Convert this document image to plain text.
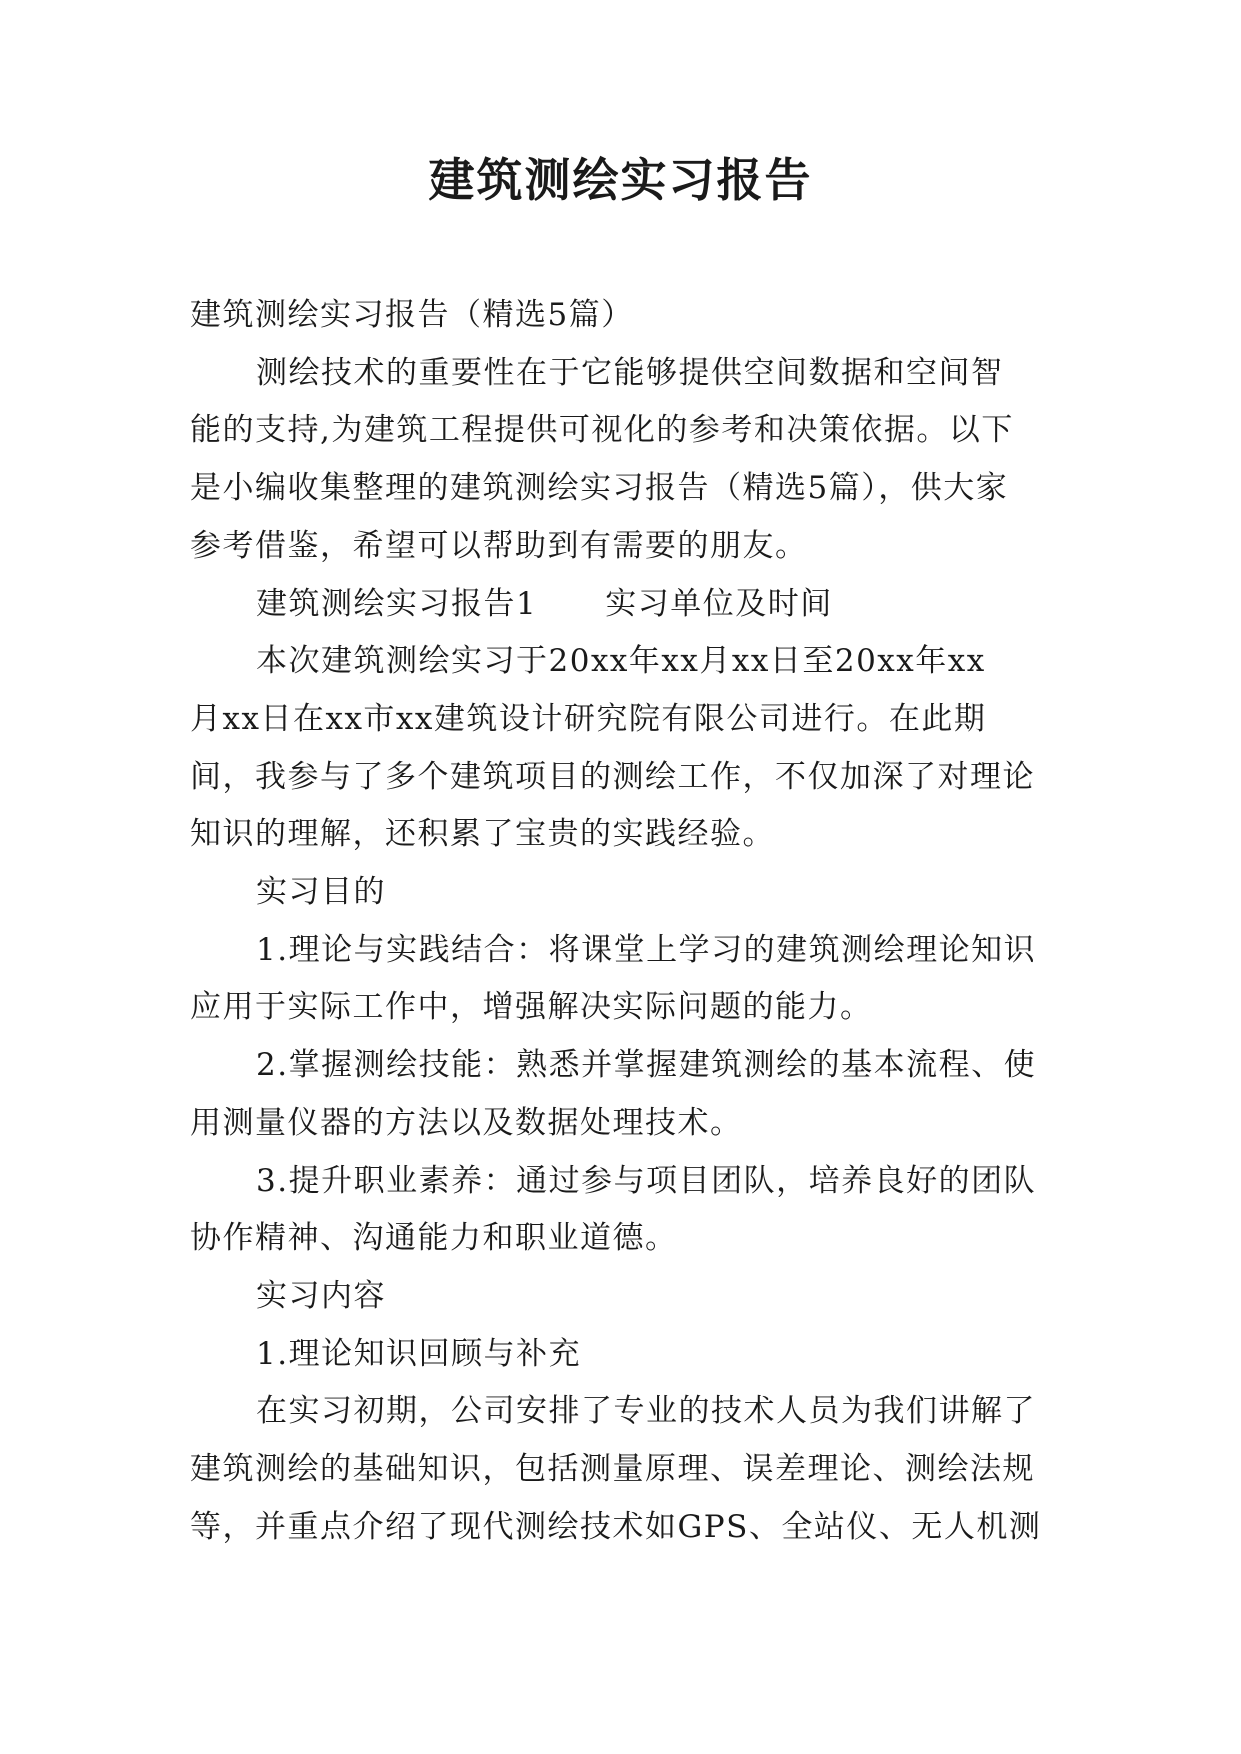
建筑测绘实习报告

建筑测绘实习报告（精选5篇）

测绘技术的重要性在于它能够提供空间数据和空间智

能的支持,为建筑工程提供可视化的参考和决策依据。以下

是小编收集整理的建筑测绘实习报告（精选5篇），供大家

参考借鉴，希望可以帮助到有需要的朋友。

建筑测绘实习报告1 实习单位及时间

本次建筑测绘实习于20xx年xx月xx日至20xx年xx

月xx日在xx市xx建筑设计研究院有限公司进行。在此期

间，我参与了多个建筑项目的测绘工作，不仅加深了对理论

知识的理解，还积累了宝贵的实践经验。

实习目的

1.理论与实践结合：将课堂上学习的建筑测绘理论知识

应用于实际工作中，增强解决实际问题的能力。

2.掌握测绘技能：熟悉并掌握建筑测绘的基本流程、使

用测量仪器的方法以及数据处理技术。

3.提升职业素养：通过参与项目团队，培养良好的团队

协作精神、沟通能力和职业道德。

实习内容

1.理论知识回顾与补充

在实习初期，公司安排了专业的技术人员为我们讲解了

建筑测绘的基础知识，包括测量原理、误差理论、测绘法规

等，并重点介绍了现代测绘技术如GPS、全站仪、无人机测
